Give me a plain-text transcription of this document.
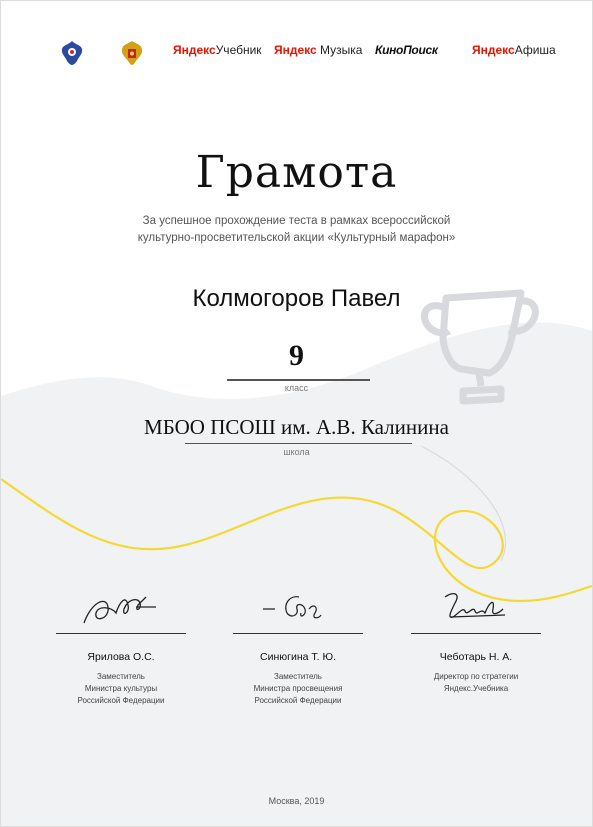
ЯндексУчебник Яндекс Музыка КиноПоиск	ЯндексАфиша
Грамота
За успешное прохождение теста в рамках всероссийской
культурно-просветительской акции «Культурный марафон»
Колмогоров Павел
9
класс
МБОО ПСОШ им. А.В. Калинина
школа
Ярилова О.С.
Заместитель
Министра культуры
Российской Федерации
Синюгина Т. Ю.
Заместитель
Министра просвещения
Российской Федерации
Чеботарь Н. А.
Директор по стратегии
Яндекс.Учебника
Москва, 2019
